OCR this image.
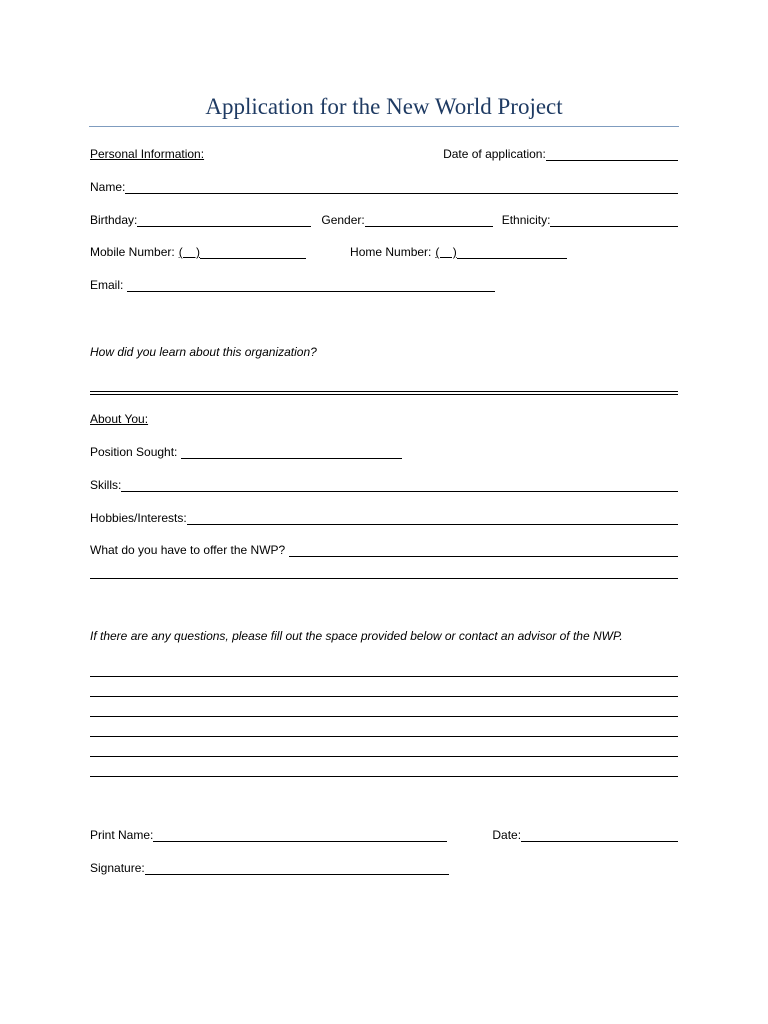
Application for the New World Project
Personal Information:	Date of application:
Name:
Birthday:	Gender:	Ethnicity:
Mobile Number: (    )	Home Number: (    )
Email:
How did you learn about this organization?
About You:
Position Sought:
Skills:
Hobbies/Interests:
What do you have to offer the NWP?
If there are any questions, please fill out the space provided below or contact an advisor of the NWP.
Print Name:	Date:
Signature:
